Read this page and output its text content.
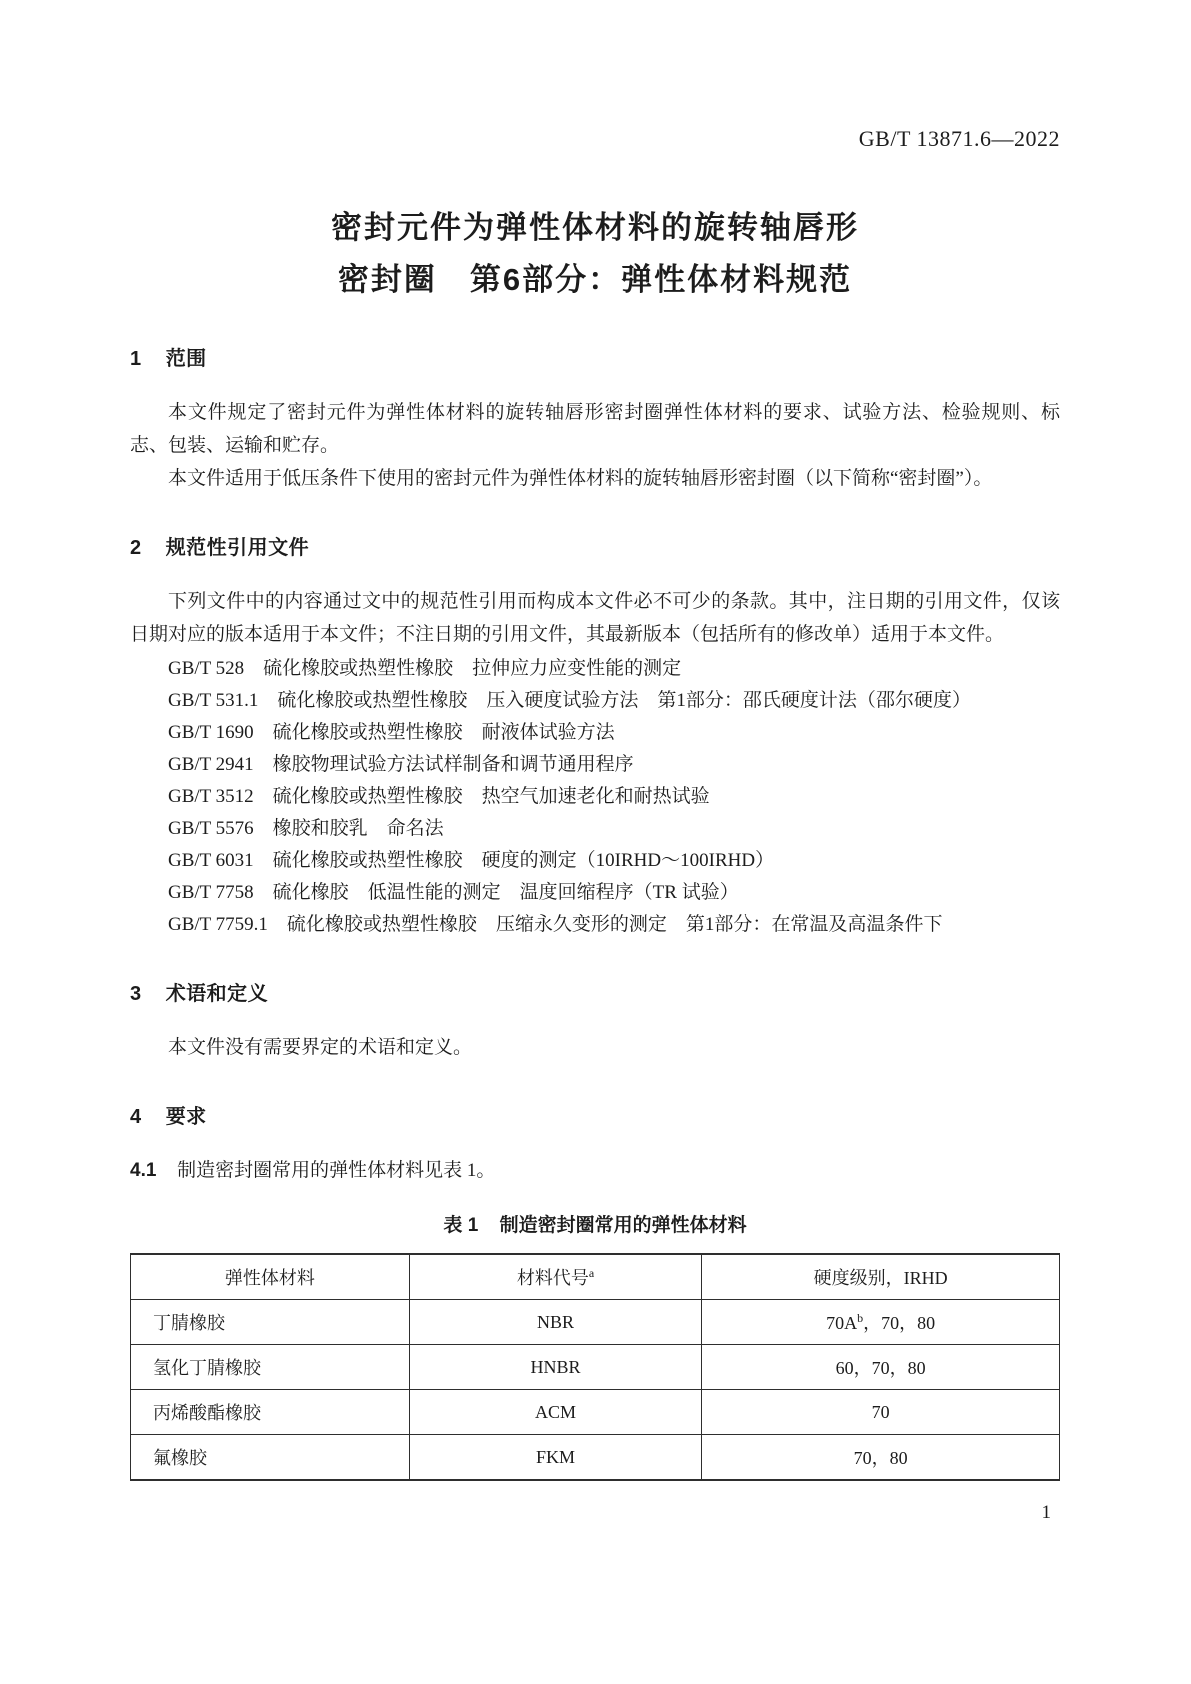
GB/T 13871.6—2022
密封元件为弹性体材料的旋转轴唇形
密封圈　第6部分：弹性体材料规范
1 范围

本文件规定了密封元件为弹性体材料的旋转轴唇形密封圈弹性体材料的要求、试验方法、检验规则、标志、包装、运输和贮存。

本文件适用于低压条件下使用的密封元件为弹性体材料的旋转轴唇形密封圈（以下简称“密封圈”）。

2 规范性引用文件

下列文件中的内容通过文中的规范性引用而构成本文件必不可少的条款。其中，注日期的引用文件，仅该日期对应的版本适用于本文件；不注日期的引用文件，其最新版本（包括所有的修改单）适用于本文件。

GB/T 528　硫化橡胶或热塑性橡胶　拉伸应力应变性能的测定

GB/T 531.1　硫化橡胶或热塑性橡胶　压入硬度试验方法　第1部分：邵氏硬度计法（邵尔硬度）

GB/T 1690　硫化橡胶或热塑性橡胶　耐液体试验方法

GB/T 2941　橡胶物理试验方法试样制备和调节通用程序

GB/T 3512　硫化橡胶或热塑性橡胶　热空气加速老化和耐热试验

GB/T 5576　橡胶和胶乳　命名法

GB/T 6031　硫化橡胶或热塑性橡胶　硬度的测定（10IRHD～100IRHD）

GB/T 7758　硫化橡胶　低温性能的测定　温度回缩程序（TR 试验）

GB/T 7759.1　硫化橡胶或热塑性橡胶　压缩永久变形的测定　第1部分：在常温及高温条件下

3 术语和定义

本文件没有需要界定的术语和定义。

4 要求

4.1 制造密封圈常用的弹性体材料见表 1。

表 1 制造密封圈常用的弹性体材料
弹性体材料	材料代号$^a$	硬度级别，IRHD
丁腈橡胶	NBR	$70A^b$，70，80
氢化丁腈橡胶	HNBR	60，70，80
丙烯酸酯橡胶	ACM	70
氟橡胶	FKM	70，80
1
